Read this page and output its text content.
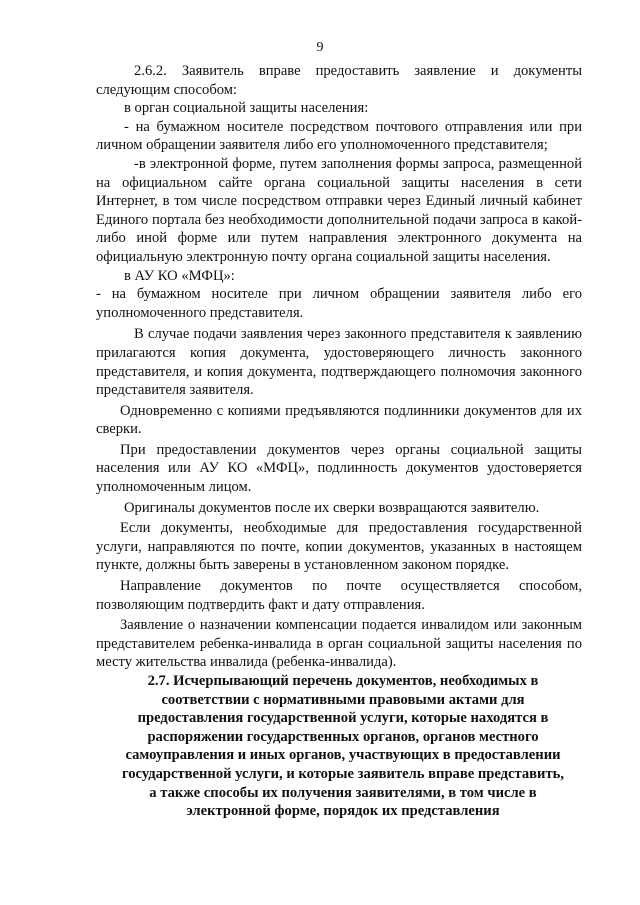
9

2.6.2. Заявитель вправе предоставить заявление и документы следующим способом:

в орган социальной защиты населения:

- на бумажном носителе посредством почтового отправления или при личном обращении заявителя либо его уполномоченного представителя;

-в электронной форме, путем заполнения формы запроса, размещенной на официальном сайте органа социальной защиты населения в сети Интернет, в том числе посредством отправки через Единый личный кабинет Единого портала без необходимости дополнительной подачи запроса в какой-либо иной форме или путем направления электронного документа на официальную электронную почту органа социальной защиты населения.

в АУ КО «МФЦ»:

- на бумажном носителе при личном обращении заявителя либо его уполномоченного представителя.

В случае подачи заявления через законного представителя к заявлению прилагаются копия документа, удостоверяющего личность законного представителя, и копия документа, подтверждающего полномочия законного представителя заявителя.

Одновременно с копиями предъявляются подлинники документов для их сверки.

При предоставлении документов через органы социальной защиты населения или АУ КО «МФЦ», подлинность документов удостоверяется уполномоченным лицом.

Оригиналы документов после их сверки возвращаются заявителю.

Если документы, необходимые для предоставления государственной услуги, направляются по почте, копии документов, указанных в настоящем пункте, должны быть заверены в установленном законом порядке.

Направление документов по почте осуществляется способом, позволяющим подтвердить факт и дату отправления.

Заявление о назначении компенсации подается инвалидом или законным представителем ребенка-инвалида в орган социальной защиты населения по месту жительства инвалида (ребенка-инвалида).

2.7. Исчерпывающий перечень документов, необходимых в соответствии с нормативными правовыми актами для предоставления государственной услуги, которые находятся в распоряжении государственных органов, органов местного самоуправления и иных органов, участвующих в предоставлении государственной услуги, и которые заявитель вправе представить, а также способы их получения заявителями, в том числе в электронной форме, порядок их представления
